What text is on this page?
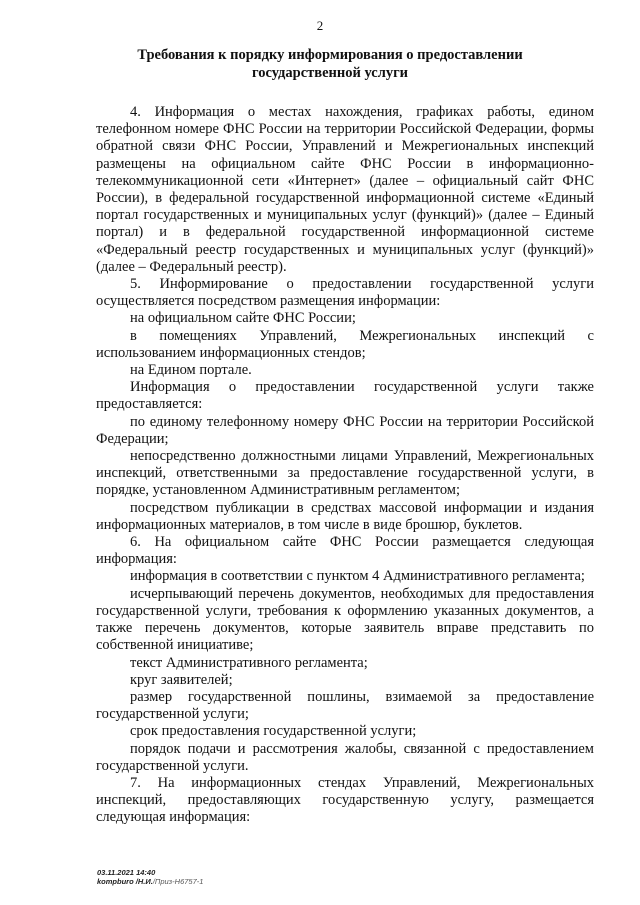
2
Требования к порядку информирования о предоставлении
государственной услуги

4. Информация о местах нахождения, графиках работы, едином телефонном номере ФНС России на территории Российской Федерации, формы обратной связи ФНС России, Управлений и Межрегиональных инспекций размещены на официальном сайте ФНС России в информационно-телекоммуникационной сети «Интернет» (далее – официальный сайт ФНС России), в федеральной государственной информационной системе «Единый портал государственных и муниципальных услуг (функций)» (далее – Единый портал) и в федеральной государственной информационной системе «Федеральный реестр государственных и муниципальных услуг (функций)» (далее – Федеральный реестр).

5. Информирование о предоставлении государственной услуги осуществляется посредством размещения информации:

на официальном сайте ФНС России;

в помещениях Управлений, Межрегиональных инспекций с использованием информационных стендов;

на Едином портале.

Информация о предоставлении государственной услуги также предоставляется:

по единому телефонному номеру ФНС России на территории Российской Федерации;

непосредственно должностными лицами Управлений, Межрегиональных инспекций, ответственными за предоставление государственной услуги, в порядке, установленном Административным регламентом;

посредством публикации в средствах массовой информации и издания информационных материалов, в том числе в виде брошюр, буклетов.

6. На официальном сайте ФНС России размещается следующая информация:

информация в соответствии с пунктом 4 Административного регламента;

исчерпывающий перечень документов, необходимых для предоставления государственной услуги, требования к оформлению указанных документов, а также перечень документов, которые заявитель вправе представить по собственной инициативе;

текст Административного регламента;

круг заявителей;

размер государственной пошлины, взимаемой за предоставление государственной услуги;

срок предоставления государственной услуги;

порядок подачи и рассмотрения жалобы, связанной с предоставлением государственной услуги.

7. На информационных стендах Управлений, Межрегиональных инспекций, предоставляющих государственную услугу, размещается следующая информация:

03.11.2021 14:40
kompburo /Н.И./Приз-Н6757-1
